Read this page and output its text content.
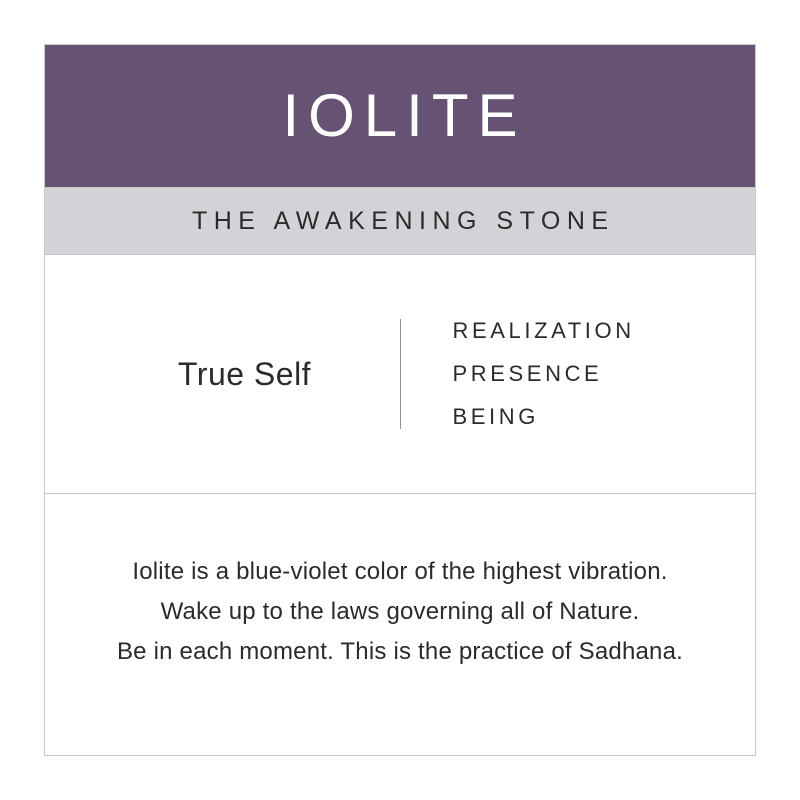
IOLITE
THE AWAKENING STONE
True Self
REALIZATION
PRESENCE
BEING
Iolite is a blue-violet color of the highest vibration.
Wake up to the laws governing all of Nature.
Be in each moment. This is the practice of Sadhana.
